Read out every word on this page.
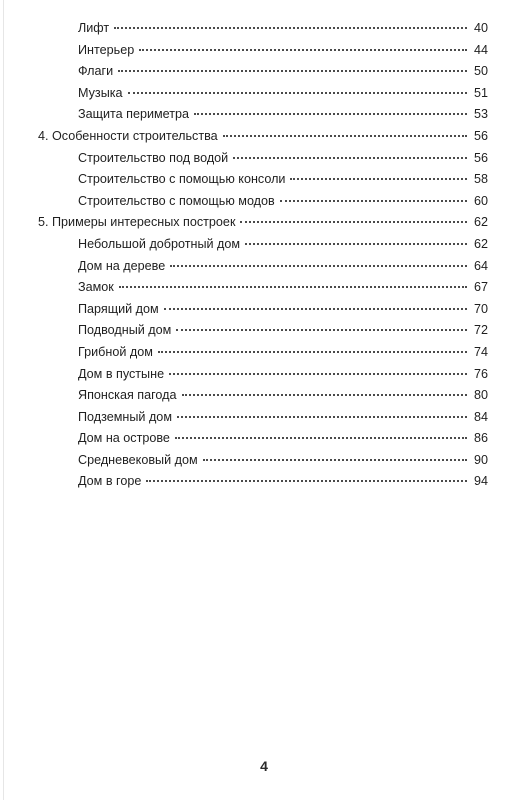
Лифт	40
Интерьер	44
Флаги	50
Музыка	51
Защита периметра	53
4. Особенности строительства	56
Строительство под водой	56
Строительство с помощью консоли	58
Строительство с помощью модов	60
5. Примеры интересных построек	62
Небольшой добротный дом	62
Дом на дереве	64
Замок	67
Парящий дом	70
Подводный дом	72
Грибной дом	74
Дом в пустыне	76
Японская пагода	80
Подземный дом	84
Дом на острове	86
Средневековый дом	90
Дом в горе	94
4
